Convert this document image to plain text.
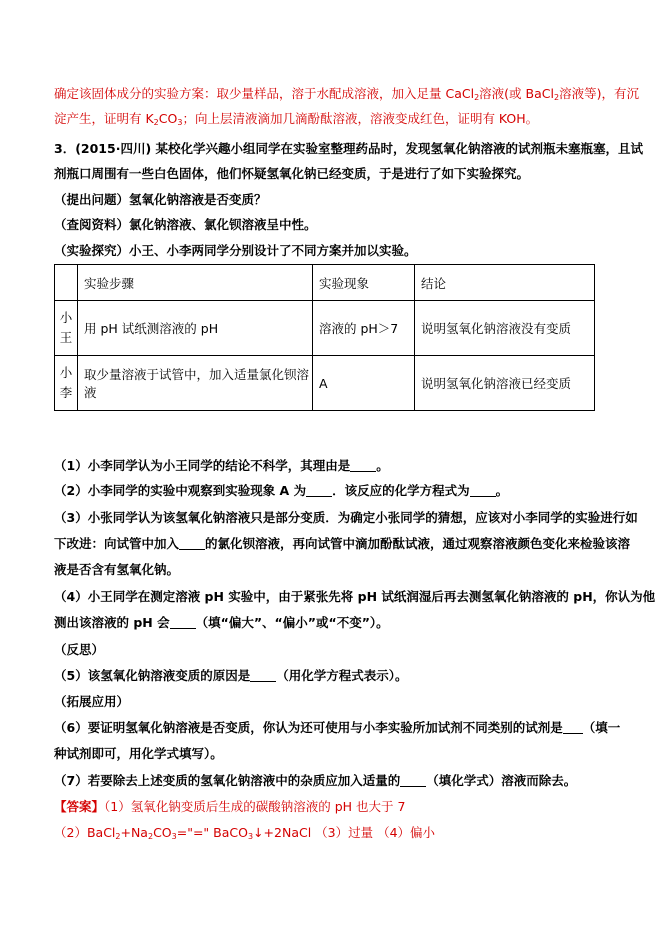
确定该固体成分的实验方案：取少量样品，溶于水配成溶液，加入足量 CaCl$_2$溶液(或 BaCl$_2$溶液等)，有沉
淀产生，证明有 $K_2CO_3$；向上层清液滴加几滴酚酞溶液，溶液变成红色，证明有 KOH。
3．(2015·四川) 某校化学兴趣小组同学在实验室整理药品时，发现氢氧化钠溶液的试剂瓶未塞瓶塞，且试
剂瓶口周围有一些白色固体，他们怀疑氢氧化钠已经变质，于是进行了如下实验探究。
（提出问题）氢氧化钠溶液是否变质？
（查阅资料）氯化钠溶液、氯化钡溶液呈中性。
（实验探究）小王、小李两同学分别设计了不同方案并加以实验。
	实验步骤	实验现象	结论
小
王	用 pH 试纸测溶液的 pH	溶液的 pH＞7	说明氢氧化钠溶液没有变质
小
李	取少量溶液于试管中，加入适量氯化钡溶液	A	说明氢氧化钠溶液已经变质
（1）小李同学认为小王同学的结论不科学，其理由是 。
（2）小李同学的实验中观察到实验现象 A 为 ．该反应的化学方程式为 。
（3）小张同学认为该氢氧化钠溶液只是部分变质．为确定小张同学的猜想，应该对小李同学的实验进行如
下改进：向试管中加入 的氯化钡溶液，再向试管中滴加酚酞试液，通过观察溶液颜色变化来检验该溶
液是否含有氢氧化钠。
（4）小王同学在测定溶液 pH 实验中，由于紧张先将 pH 试纸润湿后再去测氢氧化钠溶液的 pH，你认为他
测出该溶液的 pH 会 （填“偏大”、“偏小”或“不变”）。
（反思）
（5）该氢氧化钠溶液变质的原因是 （用化学方程式表示）。
（拓展应用）
（6）要证明氢氧化钠溶液是否变质，你认为还可使用与小李实验所加试剂不同类别的试剂是 （填一
种试剂即可，用化学式填写）。
（7）若要除去上述变质的氢氧化钠溶液中的杂质应加入适量的 （填化学式）溶液而除去。
【答案】（1）氢氧化钠变质后生成的碳酸钠溶液的 pH 也大于 7
$(2)BaCl_2+Na_2CO_3="=$" BaCO$_3$↓+2NaCl （3）过量 （4）偏小
